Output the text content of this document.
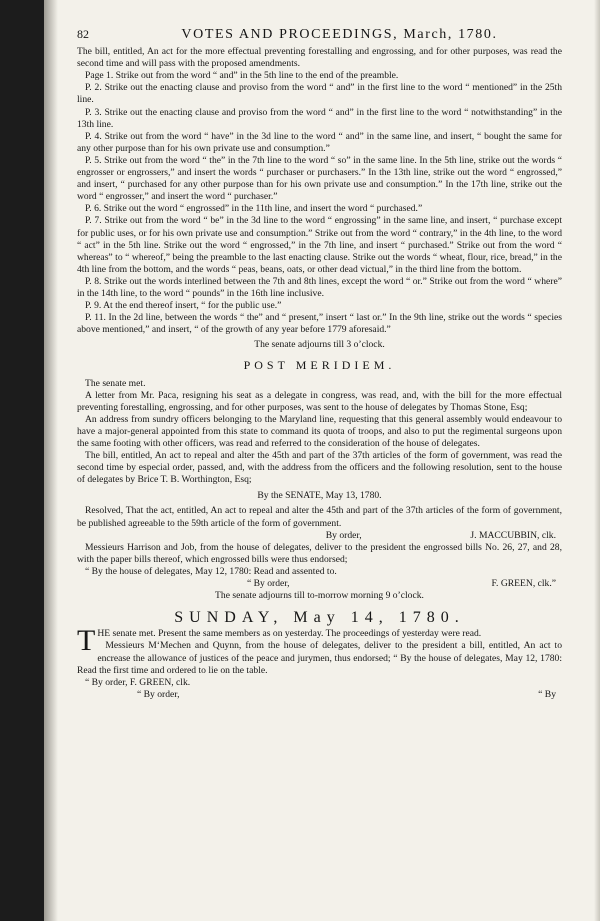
82	VOTES AND PROCEEDINGS, March, 1780.

The bill, entitled, An act for the more effectual preventing forestalling and engrossing, and for other purposes, was read the second time and will pass with the proposed amendments.

Page 1. Strike out from the word “ and” in the 5th line to the end of the preamble.

P. 2. Strike out the enacting clause and proviso from the word “ and” in the first line to the word “ mentioned” in the 25th line.

P. 3. Strike out the enacting clause and proviso from the word “ and” in the first line to the word “ notwithstanding” in the 13th line.

P. 4. Strike out from the word “ have” in the 3d line to the word “ and” in the same line, and insert, “ bought the same for any other purpose than for his own private use and consumption.”

P. 5. Strike out from the word “ the” in the 7th line to the word “ so” in the same line. In the 5th line, strike out the words “ engrosser or engrossers,” and insert the words “ purchaser or purchasers.” In the 13th line, strike out the word “ engrossed,” and insert, “ purchased for any other purpose than for his own private use and consumption.” In the 17th line, strike out the word “ engrosser,” and insert the word “ purchaser.”

P. 6. Strike out the word “ engrossed” in the 11th line, and insert the word “ purchased.”

P. 7. Strike out from the word “ be” in the 3d line to the word “ engrossing” in the same line, and insert, “ purchase except for public uses, or for his own private use and consumption.” Strike out from the word “ contrary,” in the 4th line, to the word “ act” in the 5th line. Strike out the word “ engrossed,” in the 7th line, and insert “ purchased.” Strike out from the word “ whereas” to “ whereof,” being the preamble to the last enacting clause. Strike out the words “ wheat, flour, rice, bread,” in the 4th line from the bottom, and the words “ peas, beans, oats, or other dead victual,” in the third line from the bottom.

P. 8. Strike out the words interlined between the 7th and 8th lines, except the word “ or.” Strike out from the word “ where” in the 14th line, to the word “ pounds” in the 16th line inclusive.

P. 9. At the end thereof insert, “ for the public use.”

P. 11. In the 2d line, between the words “ the” and “ present,” insert “ last or.” In the 9th line, strike out the words “ species above mentioned,” and insert, “ of the growth of any year before 1779 aforesaid.”

The senate adjourns till 3 o’clock.
POST MERIDIEM.

The senate met.

A letter from Mr. Paca, resigning his seat as a delegate in congress, was read, and, with the bill for the more effectual preventing forestalling, engrossing, and for other purposes, was sent to the house of delegates by Thomas Stone, Esq;

An address from sundry officers belonging to the Maryland line, requesting that this general assembly would endeavour to have a major-general appointed from this state to command its quota of troops, and also to put the regimental surgeons upon the same footing with other officers, was read and referred to the consideration of the house of delegates.

The bill, entitled, An act to repeal and alter the 45th and part of the 37th articles of the form of government, was read the second time by especial order, passed, and, with the address from the officers and the following resolution, sent to the house of delegates by Brice T. B. Worthington, Esq;

By the SENATE, May 13, 1780.

Resolved, That the act, entitled, An act to repeal and alter the 45th and part of the 37th articles of the form of government, be published agreeable to the 59th article of the form of government.

By order,	J. MACCUBBIN, clk.

Messieurs Harrison and Job, from the house of delegates, deliver to the president the engrossed bills No. 26, 27, and 28, with the paper bills thereof, which engrossed bills were thus endorsed;

“ By the house of delegates, May 12, 1780: Read and assented to.

“ By order,	F. GREEN, clk.”
The senate adjourns till to-morrow morning 9 o’clock.
SUNDAY, May 14, 1780.

THE senate met. Present the same members as on yesterday. The proceedings of yesterday were read.

Messieurs M‘Mechen and Quynn, from the house of delegates, deliver to the president a bill, entitled, An act to encrease the allowance of justices of the peace and jurymen, thus endorsed; “ By the house of delegates, May 12, 1780: Read the first time and ordered to lie on the table.

“ By order, F. GREEN, clk.

“ By order,	“ By
